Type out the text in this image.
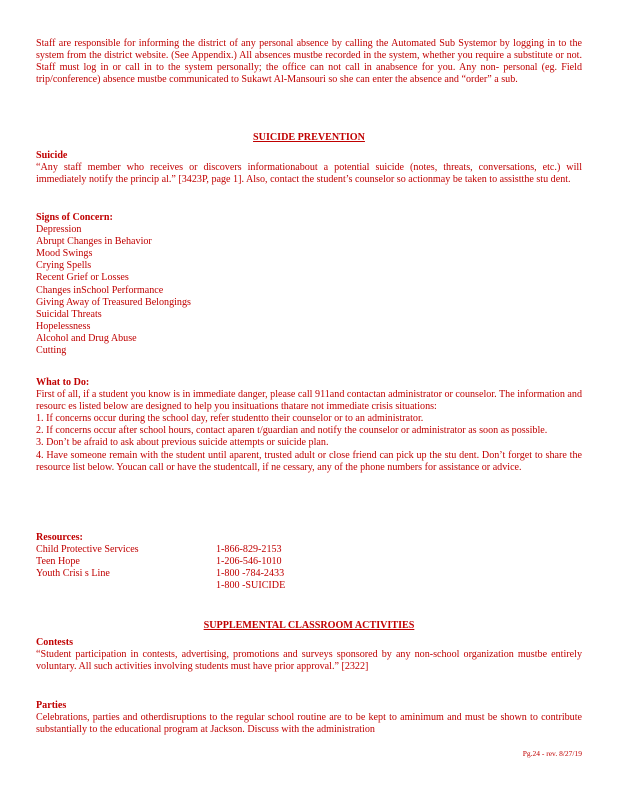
Staff are responsible for informing the district of any personal absence by calling the Automated Sub Systemor by logging in to the system from the district website. (See Appendix.) All absences mustbe recorded in the system, whether you require a substitute or not. Staff must log in or call in to the system personally; the office can not call in anabsence for you. Any non- personal (eg. Field trip/conference) absence mustbe communicated to Sukawt Al-Mansouri so she can enter the absence and “order” a sub.

SUICIDE PREVENTION
Suicide

“Any staff member who receives or discovers informationabout a potential suicide (notes, threats, conversations, etc.) will immediately notify the princip al.” [3423P, page 1]. Also, contact the student’s counselor so actionmay be taken to assistthe stu dent.

Signs of Concern:
Depression
Abrupt Changes in Behavior
Mood Swings
Crying Spells
Recent Grief or Losses
Changes inSchool Performance
Giving Away of Treasured Belongings
Suicidal Threats
Hopelessness
Alcohol and Drug Abuse
Cutting
What to Do:

First of all, if a student you know is in immediate danger, please call 911and contactan administrator or counselor. The information and resourc es listed below are designed to help you insituations thatare not immediate crisis situations:

1. If concerns occur during the school day, refer studentto their counselor or to an administrator.

2. If concerns occur after school hours, contact aparen t/guardian and notify the counselor or administrator as soon as possible.

3. Don’t be afraid to ask about previous suicide attempts or suicide plan.

4. Have someone remain with the student until aparent, trusted adult or close friend can pick up the stu dent. Don’t forget to share the resource list below. Youcan call or have the studentcall, if ne cessary, any of the phone numbers for assistance or advice.

Resources:
Child Protective Services	1-866-829-2153
Teen Hope	1-206-546-1010
Youth Crisi s Line	1-800 -784-2433
1-800 -SUICIDE
SUPPLEMENTAL CLASSROOM ACTIVITIES
Contests

“Student participation in contests, advertising, promotions and surveys sponsored by any non-school organization mustbe entirely voluntary. All such activities involving students must have prior approval.” [2322]

Parties

Celebrations, parties and otherdisruptions to the regular school routine are to be kept to aminimum and must be shown to contribute substantially to the educational program at Jackson. Discuss with the administration

Pg.24 - rev. 8/27/19
